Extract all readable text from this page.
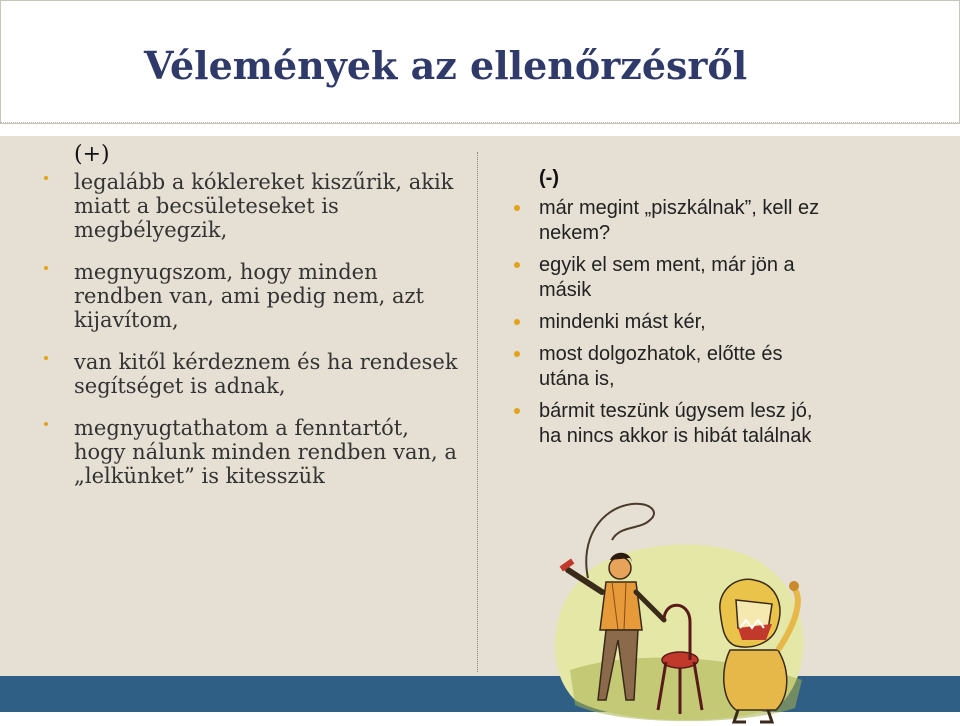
Vélemények az ellenőrzésről
(+)
legalább a kóklereket kiszűrik, akik miatt a becsületeseket is megbélyegzik,
megnyugszom, hogy minden rendben van, ami pedig nem, azt kijavítom,
van kitől kérdeznem és ha rendesek segítséget is adnak,
megnyugtathatom a fenntartót, hogy nálunk minden rendben van, a „lelkünket” is kitesszük
(-)
már megint „piszkálnak”, kell ez nekem?
egyik el sem ment, már jön a másik
mindenki mást kér,
most dolgozhatok, előtte és utána is,
bármit teszünk úgysem lesz jó, ha nincs akkor is hibát találnak
